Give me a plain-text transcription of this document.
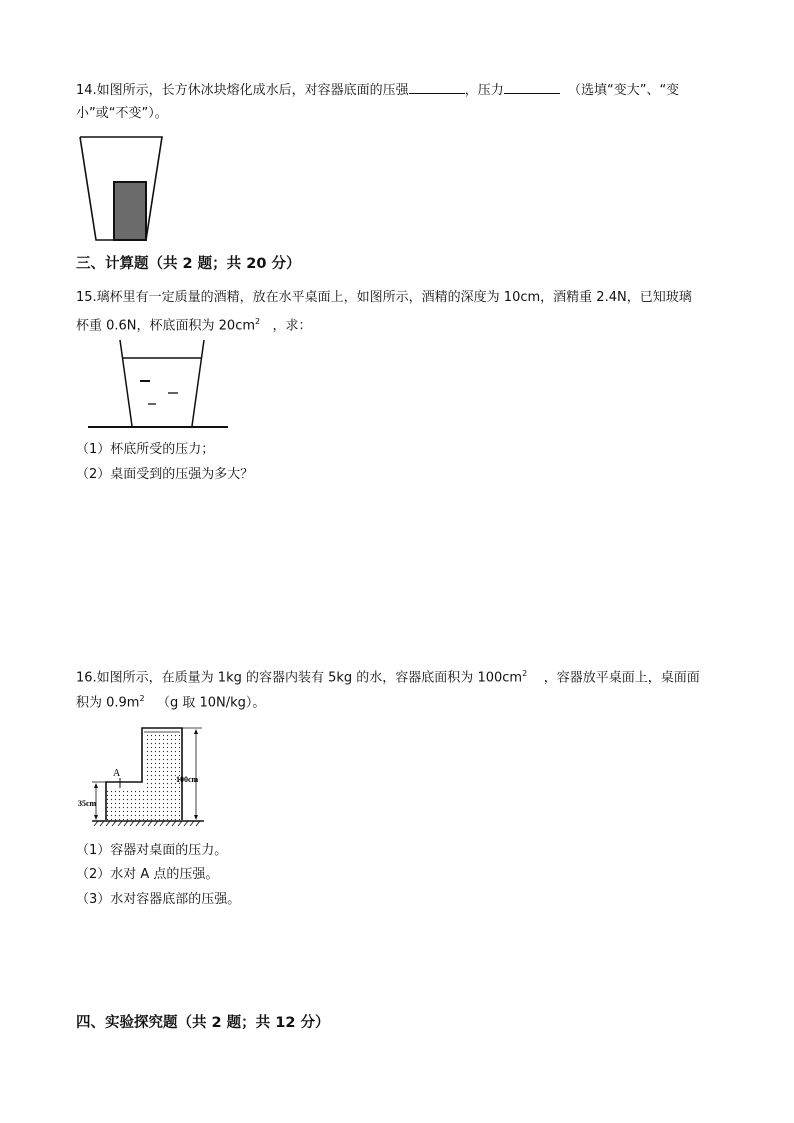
14.如图所示，长方休冰块熔化成水后，对容器底面的压强	，压力	（选填“变大”、“变
小”或“不变”）。
三、计算题（共 2 题；共 20 分）
15.璃杯里有一定质量的酒精，放在水平桌面上，如图所示，酒精的深度为 10cm，酒精重 2.4N，已知玻璃
杯重 0.6N，杯底面积为 $20cm^2$ ，求：
（1）杯底所受的压力；
（2）桌面受到的压强为多大？
16.如图所示，在质量为 1kg 的容器内装有 5kg 的水，容器底面积为 $100cm^2$ ，容器放平桌面上，桌面面
积为 $0.9m^2$ （g 取 10N/kg）。
A
100cm
35cm
（1）容器对桌面的压力。
（2）水对 A 点的压强。
（3）水对容器底部的压强。
四、实验探究题（共 2 题；共 12 分）
